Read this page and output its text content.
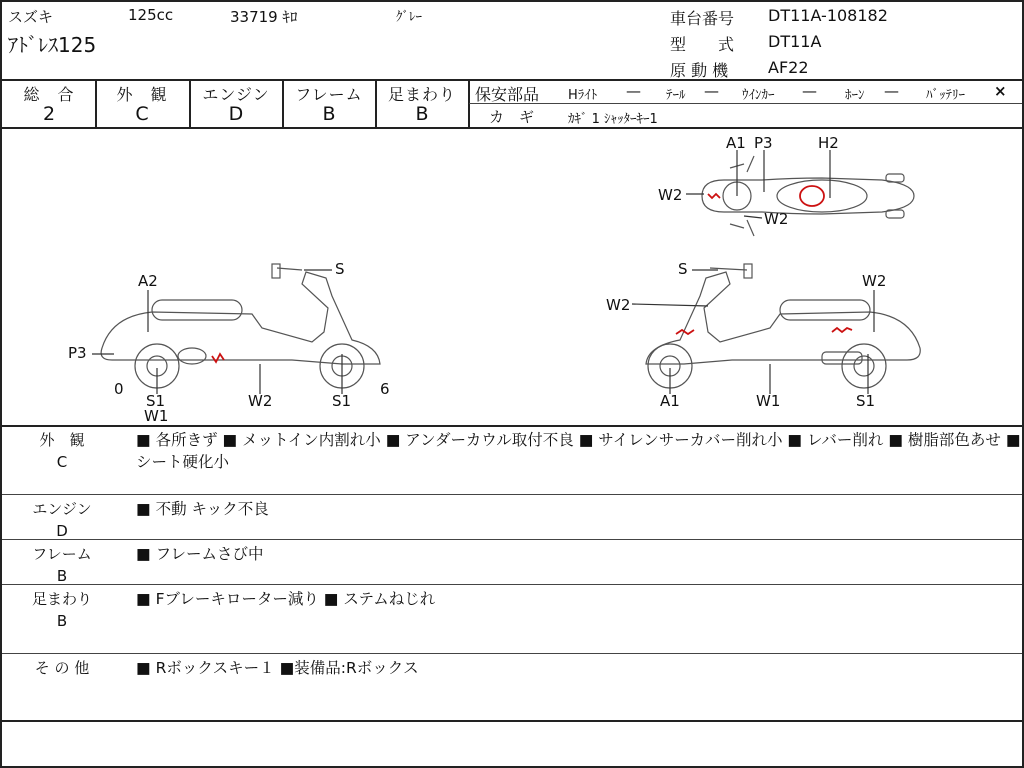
スズキ	125cc	33719 ｷﾛ	ｸﾞﾚｰ
ｱﾄﾞﾚｽ125
車台番号 DT11A-108182
型　　式 DT11A
原 動 機 AF22
総　合	外　観	エンジン	フレーム	足まわり
2	C	D	B	B
保安部品 Hﾗｲﾄ — ﾃｰﾙ — ｳｲﾝｶｰ — ﾎｰﾝ — ﾊﾞｯﾃﾘｰ ×
カ　ギ	ｶｷﾞ 1 ｼｬｯﾀｰｷｰ1
A1 P3	H2
W2
W2
S
A2
P3
0
S1
W1
W2	S1
6
S
W2
W2
A1	W1	S1
外　観
C
■ 各所きず ■ メットイン内割れ小 ■ アンダーカウル取付不良 ■ サイレンサーカバー削れ小 ■ レバー削れ ■ 樹脂部色あせ ■ シート硬化小
エンジン
D
■ 不動 キック不良
フレーム
B
■ フレームさび中
足まわり
B
■ Fブレーキローター減り ■ ステムねじれ
そ の 他	■ Rボックスキー１ ■装備品:Rボックス
